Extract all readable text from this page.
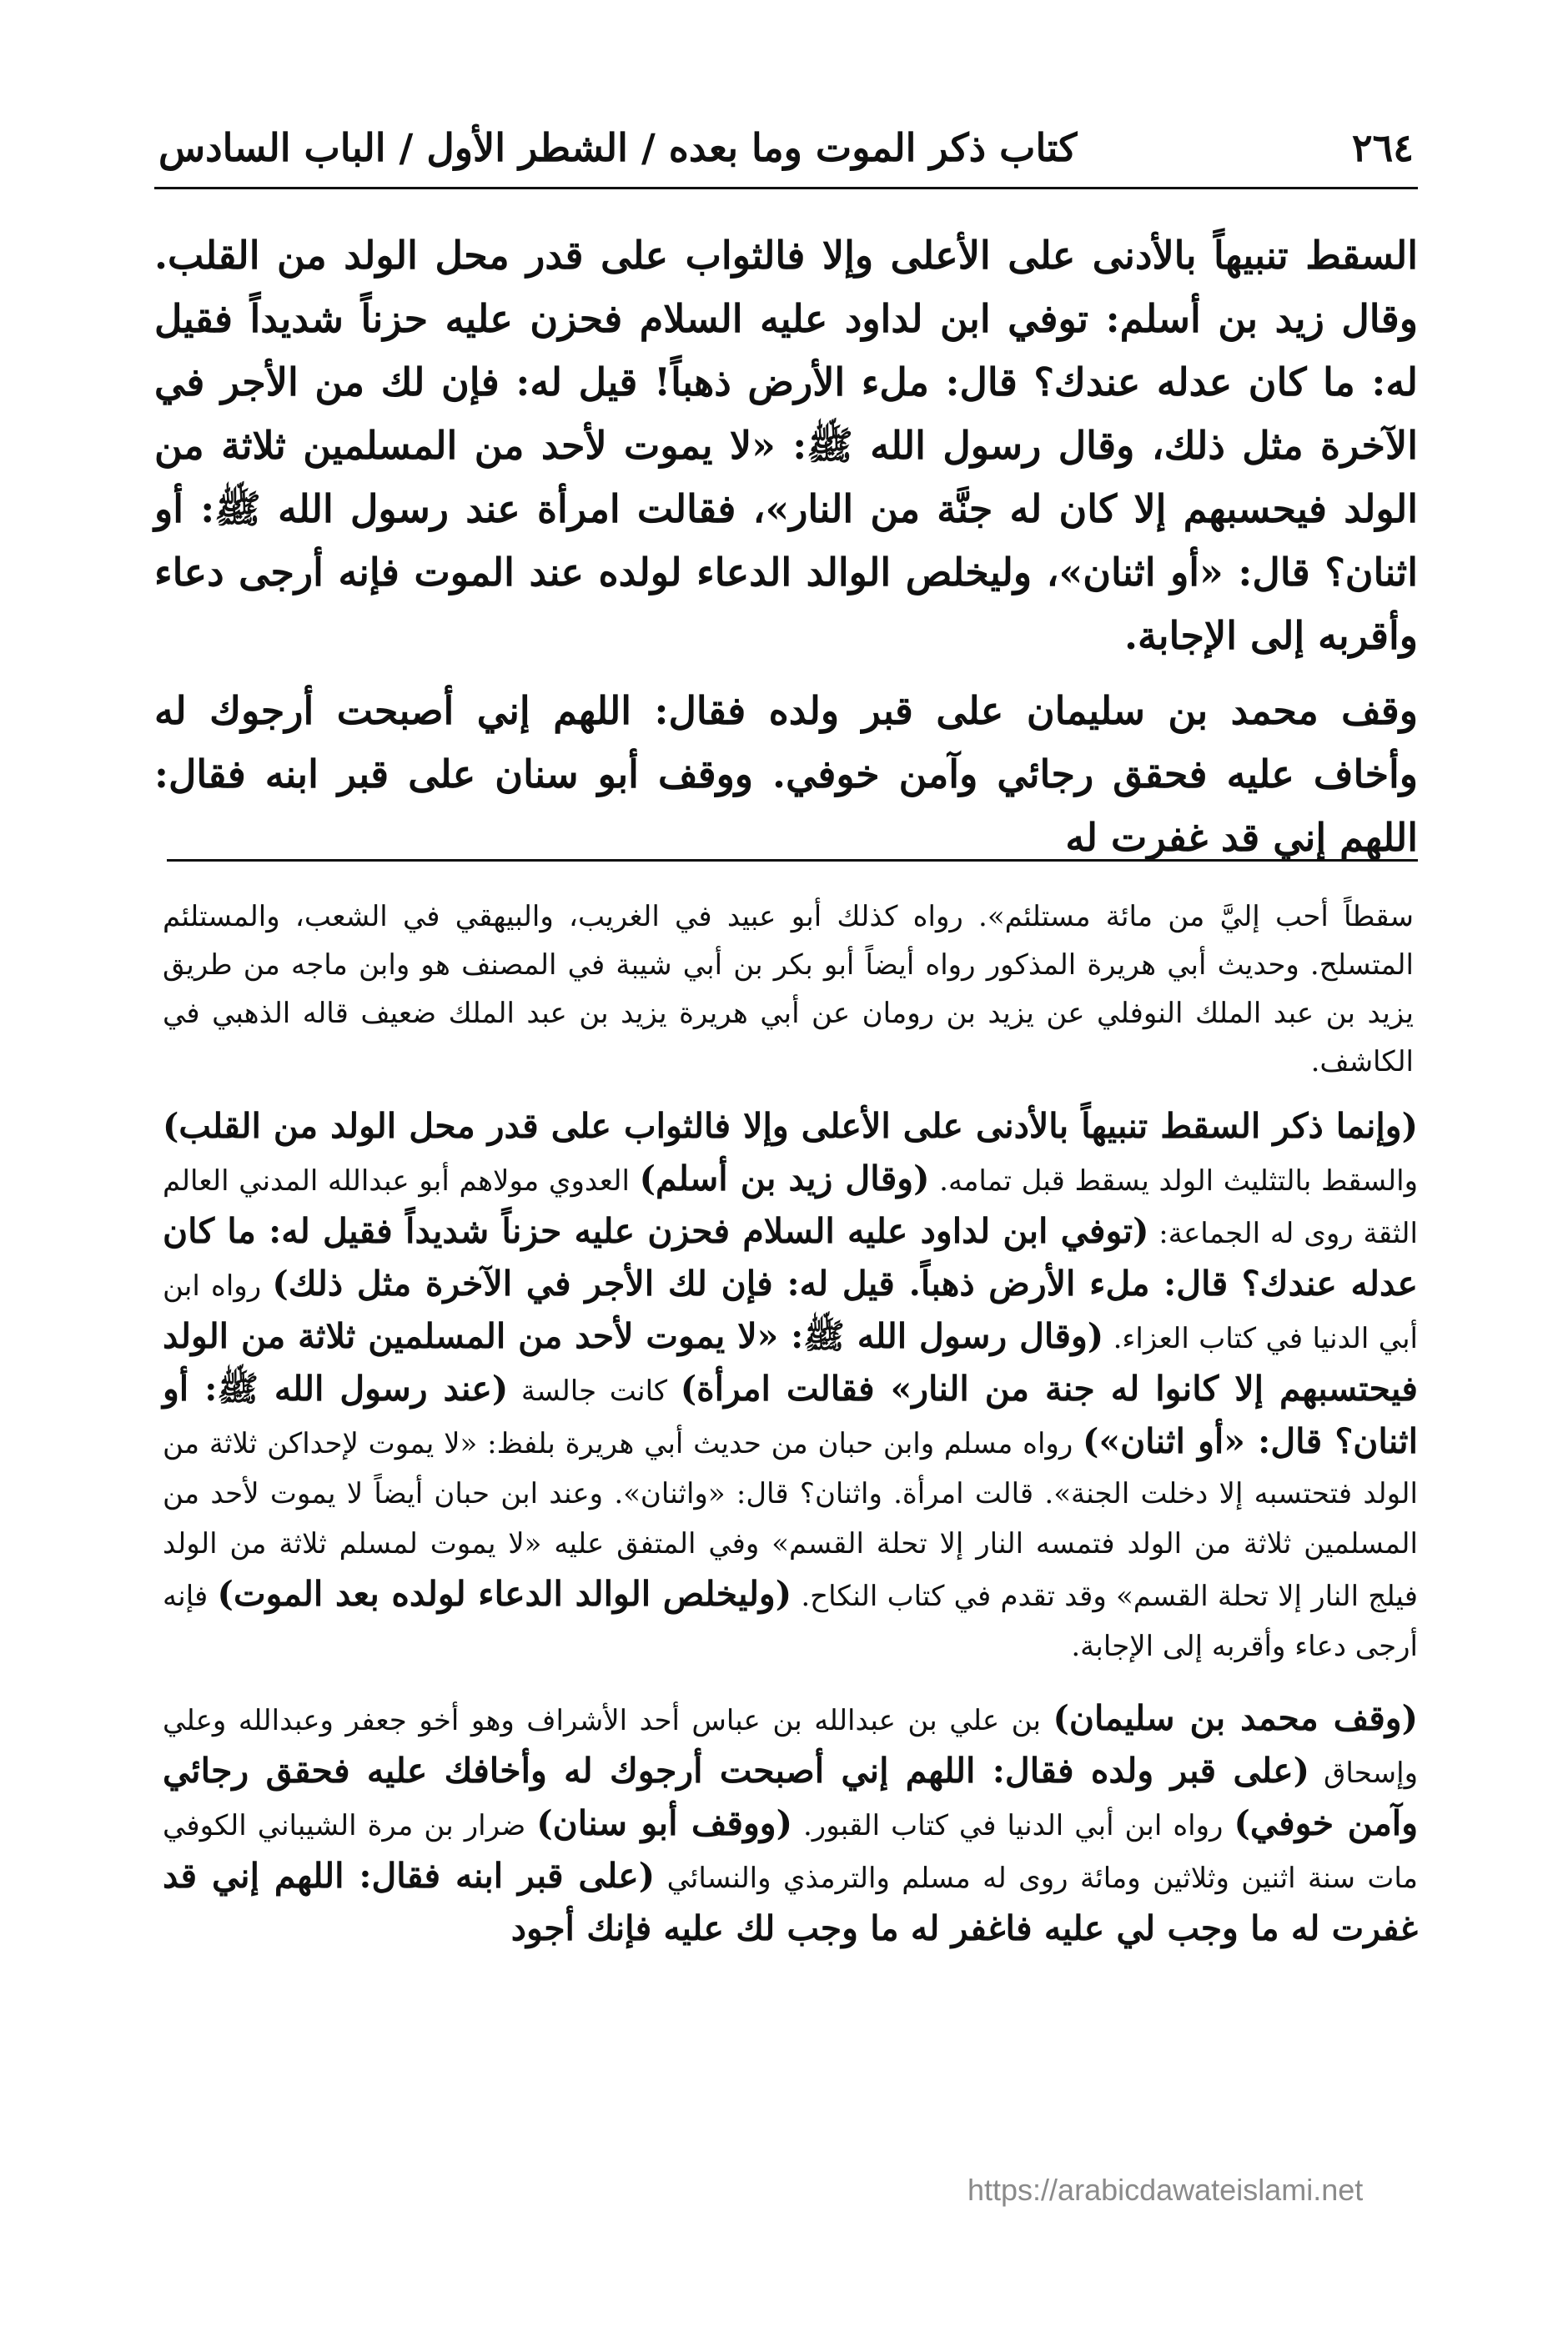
كتاب ذكر الموت وما بعده / الشطر الأول / الباب السادس	٢٦٤

السقط تنبيهاً بالأدنى على الأعلى وإلا فالثواب على قدر محل الولد من القلب. وقال زيد بن أسلم: توفي ابن لداود عليه السلام فحزن عليه حزناً شديداً فقيل له: ما كان عدله عندك؟ قال: ملء الأرض ذهباً! قيل له: فإن لك من الأجر في الآخرة مثل ذلك، وقال رسول الله ﷺ: «لا يموت لأحد من المسلمين ثلاثة من الولد فيحسبهم إلا كان له جنَّة من النار»، فقالت امرأة عند رسول الله ﷺ: أو اثنان؟ قال: «أو اثنان»، وليخلص الوالد الدعاء لولده عند الموت فإنه أرجى دعاء وأقربه إلى الإجابة.

وقف محمد بن سليمان على قبر ولده فقال: اللهم إني أصبحت أرجوك له وأخاف عليه فحقق رجائي وآمن خوفي. ووقف أبو سنان على قبر ابنه فقال: اللهم إني قد غفرت له

سقطاً أحب إليَّ من مائة مستلئم». رواه كذلك أبو عبيد في الغريب، والبيهقي في الشعب، والمستلئم المتسلح. وحديث أبي هريرة المذكور رواه أيضاً أبو بكر بن أبي شيبة في المصنف هو وابن ماجه من طريق يزيد بن عبد الملك النوفلي عن يزيد بن رومان عن أبي هريرة يزيد بن عبد الملك ضعيف قاله الذهبي في الكاشف.

(وإنما ذكر السقط تنبيهاً بالأدنى على الأعلى وإلا فالثواب على قدر محل الولد من القلب) والسقط بالتثليث الولد يسقط قبل تمامه. (وقال زيد بن أسلم) العدوي مولاهم أبو عبدالله المدني العالم الثقة روى له الجماعة: (توفي ابن لداود عليه السلام فحزن عليه حزناً شديداً فقيل له: ما كان عدله عندك؟ قال: ملء الأرض ذهباً. قيل له: فإن لك الأجر في الآخرة مثل ذلك) رواه ابن أبي الدنيا في كتاب العزاء. (وقال رسول الله ﷺ: «لا يموت لأحد من المسلمين ثلاثة من الولد فيحتسبهم إلا كانوا له جنة من النار» فقالت امرأة) كانت جالسة (عند رسول الله ﷺ: أو اثنان؟ قال: «أو اثنان») رواه مسلم وابن حبان من حديث أبي هريرة بلفظ: «لا يموت لإحداكن ثلاثة من الولد فتحتسبه إلا دخلت الجنة». قالت امرأة. واثنان؟ قال: «واثنان». وعند ابن حبان أيضاً لا يموت لأحد من المسلمين ثلاثة من الولد فتمسه النار إلا تحلة القسم» وفي المتفق عليه «لا يموت لمسلم ثلاثة من الولد فيلج النار إلا تحلة القسم» وقد تقدم في كتاب النكاح. (وليخلص الوالد الدعاء لولده بعد الموت) فإنه أرجى دعاء وأقربه إلى الإجابة.

(وقف محمد بن سليمان) بن علي بن عبدالله بن عباس أحد الأشراف وهو أخو جعفر وعبدالله وعلي وإسحاق (على قبر ولده فقال: اللهم إني أصبحت أرجوك له وأخافك عليه فحقق رجائي وآمن خوفي) رواه ابن أبي الدنيا في كتاب القبور. (ووقف أبو سنان) ضرار بن مرة الشيباني الكوفي مات سنة اثنين وثلاثين ومائة روى له مسلم والترمذي والنسائي (على قبر ابنه فقال: اللهم إني قد غفرت له ما وجب لي عليه فاغفر له ما وجب لك عليه فإنك أجود

https://arabicdawateislami.net
